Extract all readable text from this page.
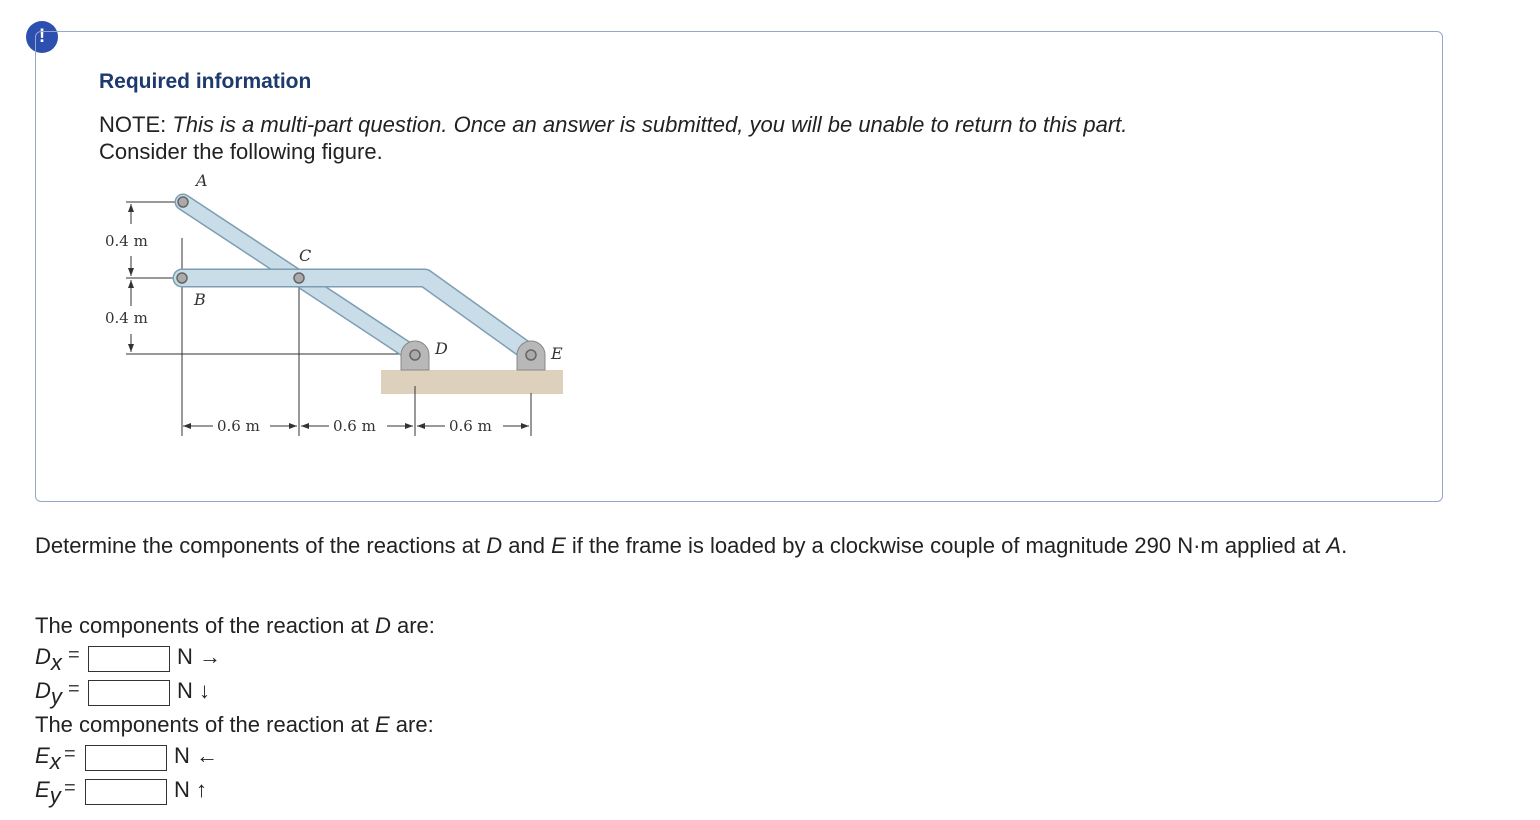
!
Required information
NOTE: This is a multi-part question. Once an answer is submitted, you will be unable to return to this part.
Consider the following figure.
A
B
C
D	E
0.4 m
0.4 m
0.6 m	0.6 m	0.6 m
Determine the components of the reactions at D and E if the frame is loaded by a clockwise couple of magnitude 290 N·m applied at A.
The components of the reaction at D are:
$D_x$ =	N →
$D_y$ =	N ↓
The components of the reaction at E are:
$E_x$ =	N ←
$E_y$ =	N ↑
